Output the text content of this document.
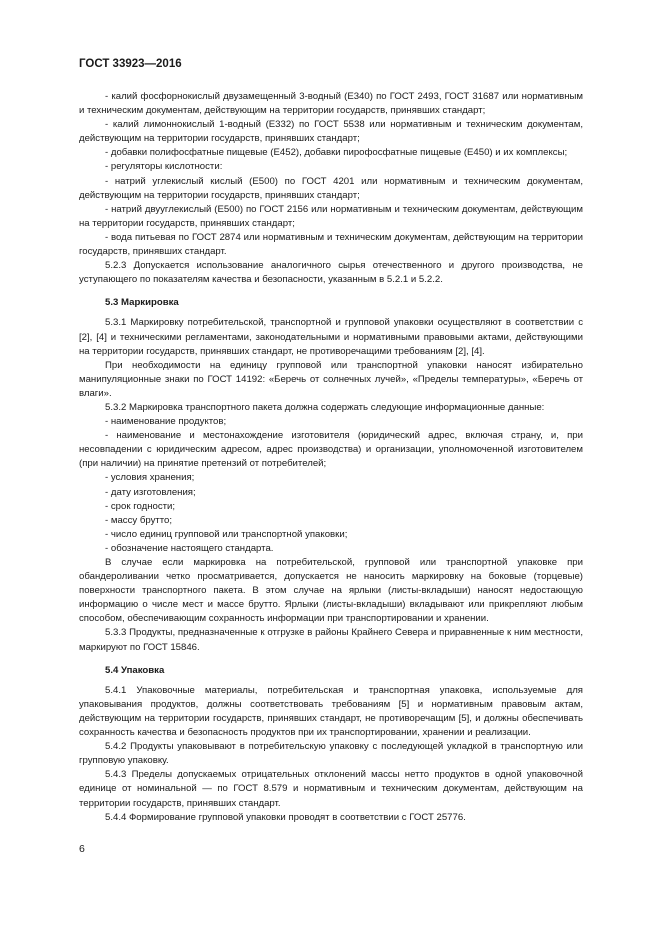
ГОСТ 33923—2016

- калий фосфорнокислый двузамещенный 3-водный (Е340) по ГОСТ 2493, ГОСТ 31687 или нормативным и техническим документам, действующим на территории государств, принявших стандарт;

- калий лимоннокислый 1-водный (Е332) по ГОСТ 5538 или нормативным и техническим документам, действующим на территории государств, принявших стандарт;

- добавки полифосфатные пищевые (Е452), добавки пирофосфатные пищевые (Е450) и их комплексы;

- регуляторы кислотности:

- натрий углекислый кислый (Е500) по ГОСТ 4201 или нормативным и техническим документам, действующим на территории государств, принявших стандарт;

- натрий двууглекислый (Е500) по ГОСТ 2156 или нормативным и техническим документам, действующим на территории государств, принявших стандарт;

- вода питьевая по ГОСТ 2874 или нормативным и техническим документам, действующим на территории государств, принявших стандарт.

5.2.3 Допускается использование аналогичного сырья отечественного и другого производства, не уступающего по показателям качества и безопасности, указанным в 5.2.1 и 5.2.2.

5.3 Маркировка

5.3.1 Маркировку потребительской, транспортной и групповой упаковки осуществляют в соответствии с [2], [4] и техническими регламентами, законодательными и нормативными правовыми актами, действующими на территории государств, принявших стандарт, не противоречащими требованиям [2], [4].

При необходимости на единицу групповой или транспортной упаковки наносят избирательно манипуляционные знаки по ГОСТ 14192: «Беречь от солнечных лучей», «Пределы температуры», «Беречь от влаги».

5.3.2 Маркировка транспортного пакета должна содержать следующие информационные данные:

- наименование продуктов;

- наименование и местонахождение изготовителя (юридический адрес, включая страну, и, при несовпадении с юридическим адресом, адрес производства) и организации, уполномоченной изготовителем (при наличии) на принятие претензий от потребителей;

- условия хранения;

- дату изготовления;

- срок годности;

- массу брутто;

- число единиц групповой или транспортной упаковки;

- обозначение настоящего стандарта.

В случае если маркировка на потребительской, групповой или транспортной упаковке при обандероливании четко просматривается, допускается не наносить маркировку на боковые (торцевые) поверхности транспортного пакета. В этом случае на ярлыки (листы-вкладыши) наносят недостающую информацию о числе мест и массе брутто. Ярлыки (листы-вкладыши) вкладывают или прикрепляют любым способом, обеспечивающим сохранность информации при транспортировании и хранении.

5.3.3 Продукты, предназначенные к отгрузке в районы Крайнего Севера и приравненные к ним местности, маркируют по ГОСТ 15846.

5.4 Упаковка

5.4.1 Упаковочные материалы, потребительская и транспортная упаковка, используемые для упаковывания продуктов, должны соответствовать требованиям [5] и нормативным правовым актам, действующим на территории государств, принявших стандарт, не противоречащим [5], и должны обеспечивать сохранность качества и безопасность продуктов при их транспортировании, хранении и реализации.

5.4.2 Продукты упаковывают в потребительскую упаковку с последующей укладкой в транспортную или групповую упаковку.

5.4.3 Пределы допускаемых отрицательных отклонений массы нетто продуктов в одной упаковочной единице от номинальной — по ГОСТ 8.579 и нормативным и техническим документам, действующим на территории государств, принявших стандарт.

5.4.4 Формирование групповой упаковки проводят в соответствии с ГОСТ 25776.

6
